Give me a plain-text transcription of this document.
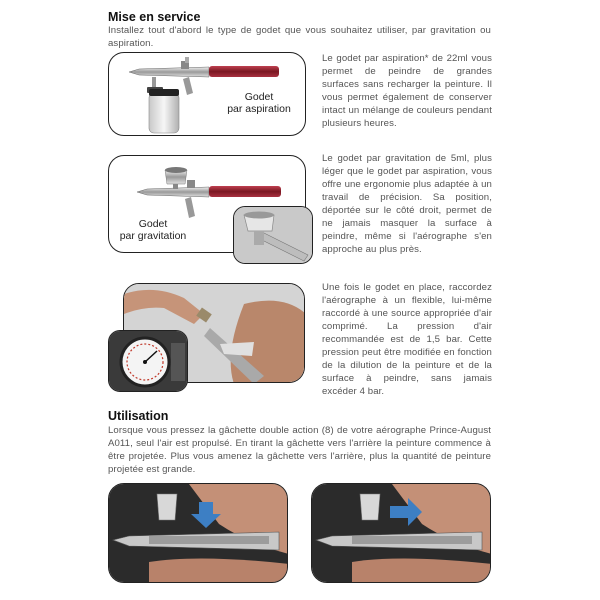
Mise en service
Installez tout d'abord le type de godet que vous souhaitez utiliser, par gravitation ou aspiration.
Godet
par aspiration
Le godet par aspiration* de 22ml vous permet de peindre de grandes surfaces sans recharger la peinture. Il vous permet également de conserver intact un mélange de couleurs pendant plusieurs heures.
Godet
par gravitation
Le godet par gravitation de 5ml, plus léger que le godet par aspiration, vous offre une ergonomie plus adaptée à un travail de précision. Sa position, déportée sur le côté droit, permet de ne jamais masquer la surface à peindre, même si l'aérographe s'en approche au plus près.
Une fois le godet en place, raccordez l'aérographe à un flexible, lui-même raccordé à une source appropriée d'air comprimé. La pression d'air recommandée est de 1,5 bar. Cette pression peut être modifiée en fonction de la dilution de la peinture et de la surface à peindre, sans jamais excéder 4 bar.
Utilisation
Lorsque vous pressez la gâchette double action (8) de votre aérographe Prince-August A011, seul l'air est propulsé. En tirant la gâchette vers l'arrière la peinture commence à être projetée. Plus vous amenez la gâchette vers l'arrière, plus la quantité de peinture projetée est grande.
